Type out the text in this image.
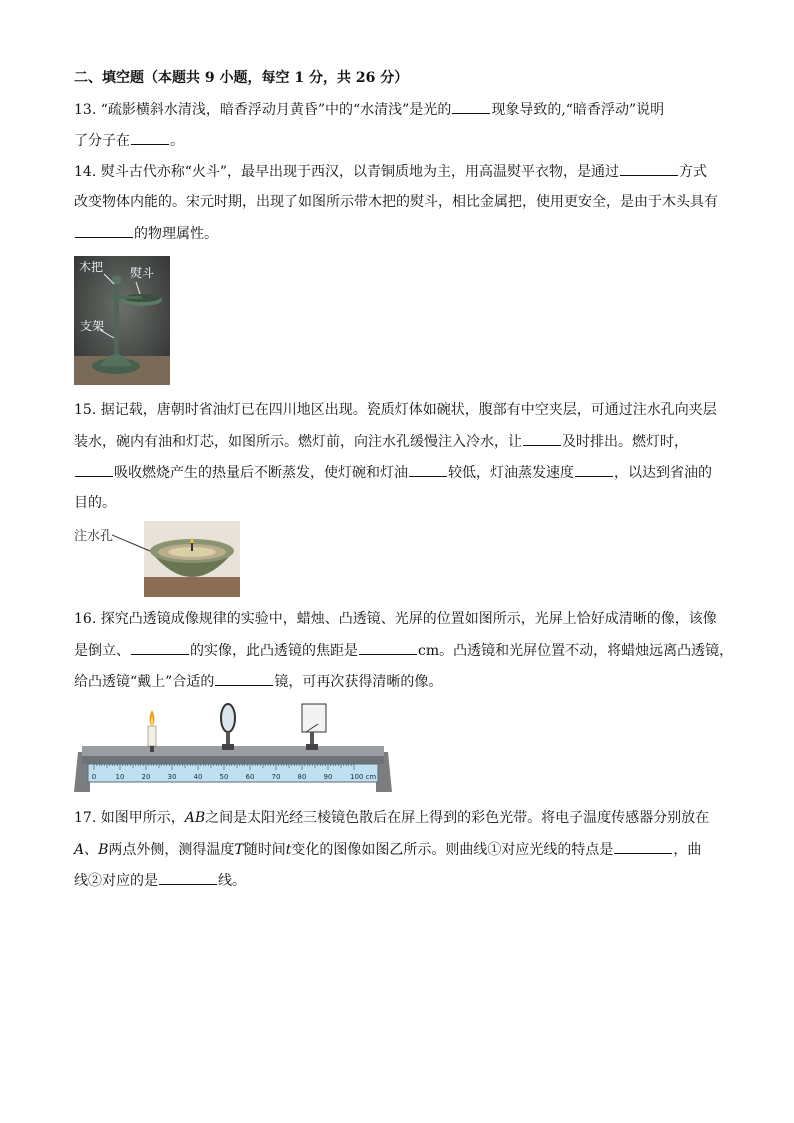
二、填空题（本题共 9 小题，每空 1 分，共 26 分）
13. “疏影横斜水清浅，暗香浮动月黄昏”中的“水清浅”是光的	现象导致的,“暗香浮动”说明
了分子在	。
14. 熨斗古代亦称“火斗”，最早出现于西汉，以青铜质地为主，用高温熨平衣物，是通过	方式
改变物体内能的。宋元时期，出现了如图所示带木把的熨斗，相比金属把，使用更安全，是由于木头具有
的物理属性。
木把 熨斗
支架
15. 据记载，唐朝时省油灯已在四川地区出现。瓷质灯体如碗状，腹部有中空夹层，可通过注水孔向夹层
装水，碗内有油和灯芯，如图所示。燃灯前，向注水孔缓慢注入冷水，让	及时排出。燃灯时，
吸收燃烧产生的热量后不断蒸发，使灯碗和灯油	较低，灯油蒸发速度	，以达到省油的
目的。
注水孔
16. 探究凸透镜成像规律的实验中，蜡烛、凸透镜、光屏的位置如图所示，光屏上恰好成清晰的像，该像
是倒立、	的实像，此凸透镜的焦距是	cm。凸透镜和光屏位置不动，将蜡烛远离凸透镜，
给凸透镜“戴上”合适的	镜，可再次获得清晰的像。
0	10 20 30 40 50 60 70 80 90	100 cm
17. 如图甲所示，AB之间是太阳光经三棱镜色散后在屏上得到的彩色光带。将电子温度传感器分别放在
A、B两点外侧，测得温度T随时间t变化的图像如图乙所示。则曲线①对应光线的特点是	，曲
线②对应的是	线。
